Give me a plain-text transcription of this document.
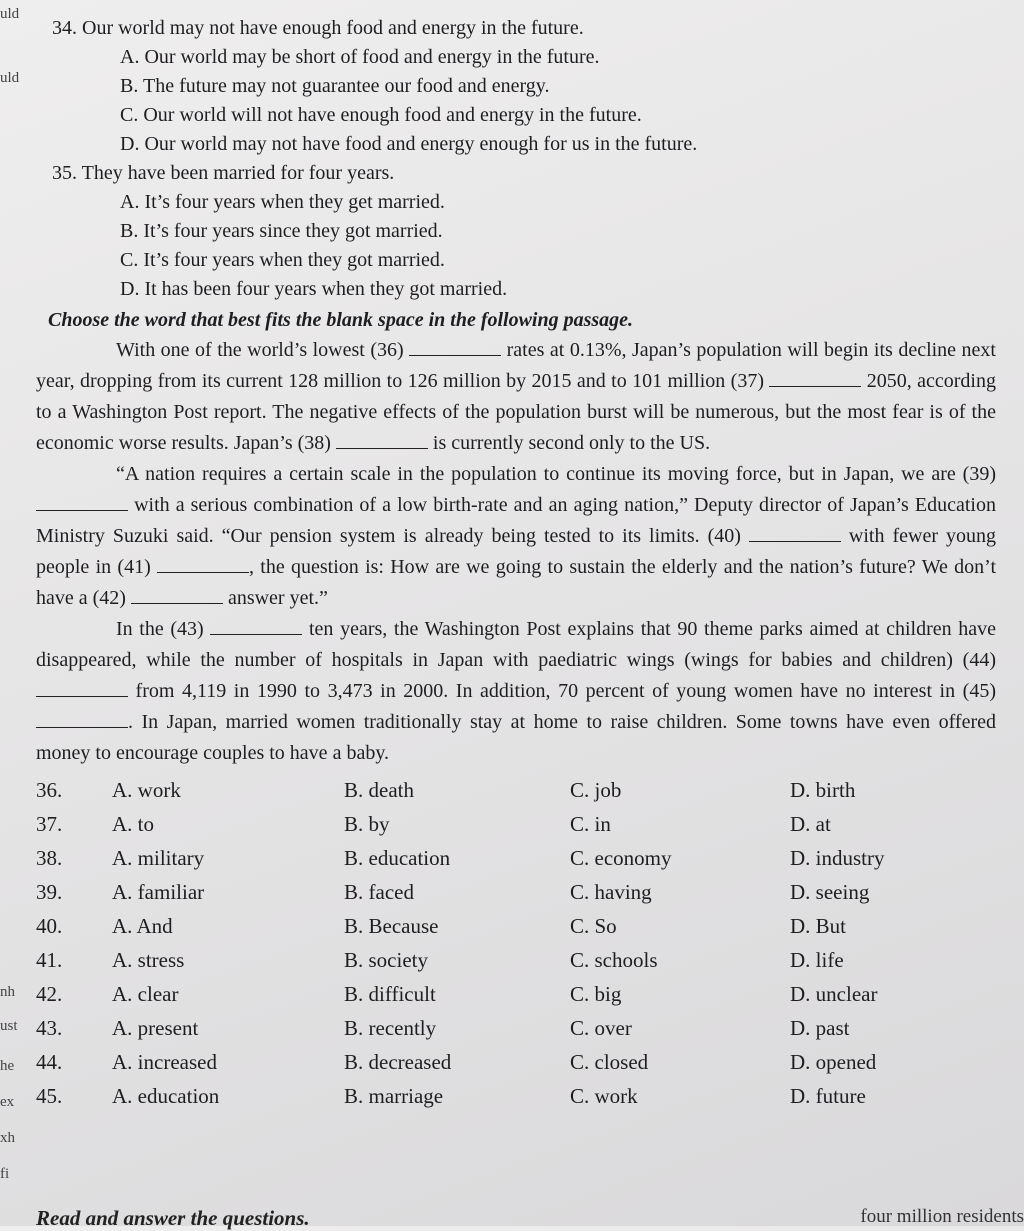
uld
uld
nh
ust
he
ex
xh
fi
34. Our world may not have enough food and energy in the future.
A. Our world may be short of food and energy in the future.
B. The future may not guarantee our food and energy.
C. Our world will not have enough food and energy in the future.
D. Our world may not have food and energy enough for us in the future.
35. They have been married for four years.
A. It’s four years when they get married.
B. It’s four years since they got married.
C. It’s four years when they got married.
D. It has been four years when they got married.
Choose the word that best fits the blank space in the following passage.

With one of the world’s lowest (36)	rates at 0.13%, Japan’s population will begin its decline next year, dropping from its current 128 million to 126 million by 2015 and to 101 million (37)	2050, according to a Washington Post report. The negative effects of the population burst will be numerous, but the most fear is of the economic worse results. Japan’s (38)	is currently second only to the US.

“A nation requires a certain scale in the population to continue its moving force, but in Japan, we are (39)  with a serious combination of a low birth-rate and an aging nation,” Deputy director of Japan’s Education Ministry Suzuki said. “Our pension system is already being tested to its limits. (40)	with fewer young people in (41)	, the question is: How are we going to sustain the elderly and the nation’s future? We don’t have a (42)	answer yet.”

In the (43)	ten years, the Washington Post explains that 90 theme parks aimed at children have disappeared, while the number of hospitals in Japan with paediatric wings (wings for babies and children) (44)  from 4,119 in 1990 to 3,473 in 2000. In addition, 70 percent of young women have no interest in (45) . In Japan, married women traditionally stay at home to raise children. Some towns have even offered money to encourage couples to have a baby.

36.	A. work	B. death	C. job	D. birth
37.	A. to	B. by	C. in	D. at
38.	A. military	B. education	C. economy	D. industry
39.	A. familiar	B. faced	C. having	D. seeing
40.	A. And	B. Because	C. So	D. But
41.	A. stress	B. society	C. schools	D. life
42.	A. clear	B. difficult	C. big	D. unclear
43.	A. present	B. recently	C. over	D. past
44.	A. increased	B. decreased	C. closed	D. opened
45.	A. education	B. marriage	C. work	D. future
Read and answer the questions.	four million residents
